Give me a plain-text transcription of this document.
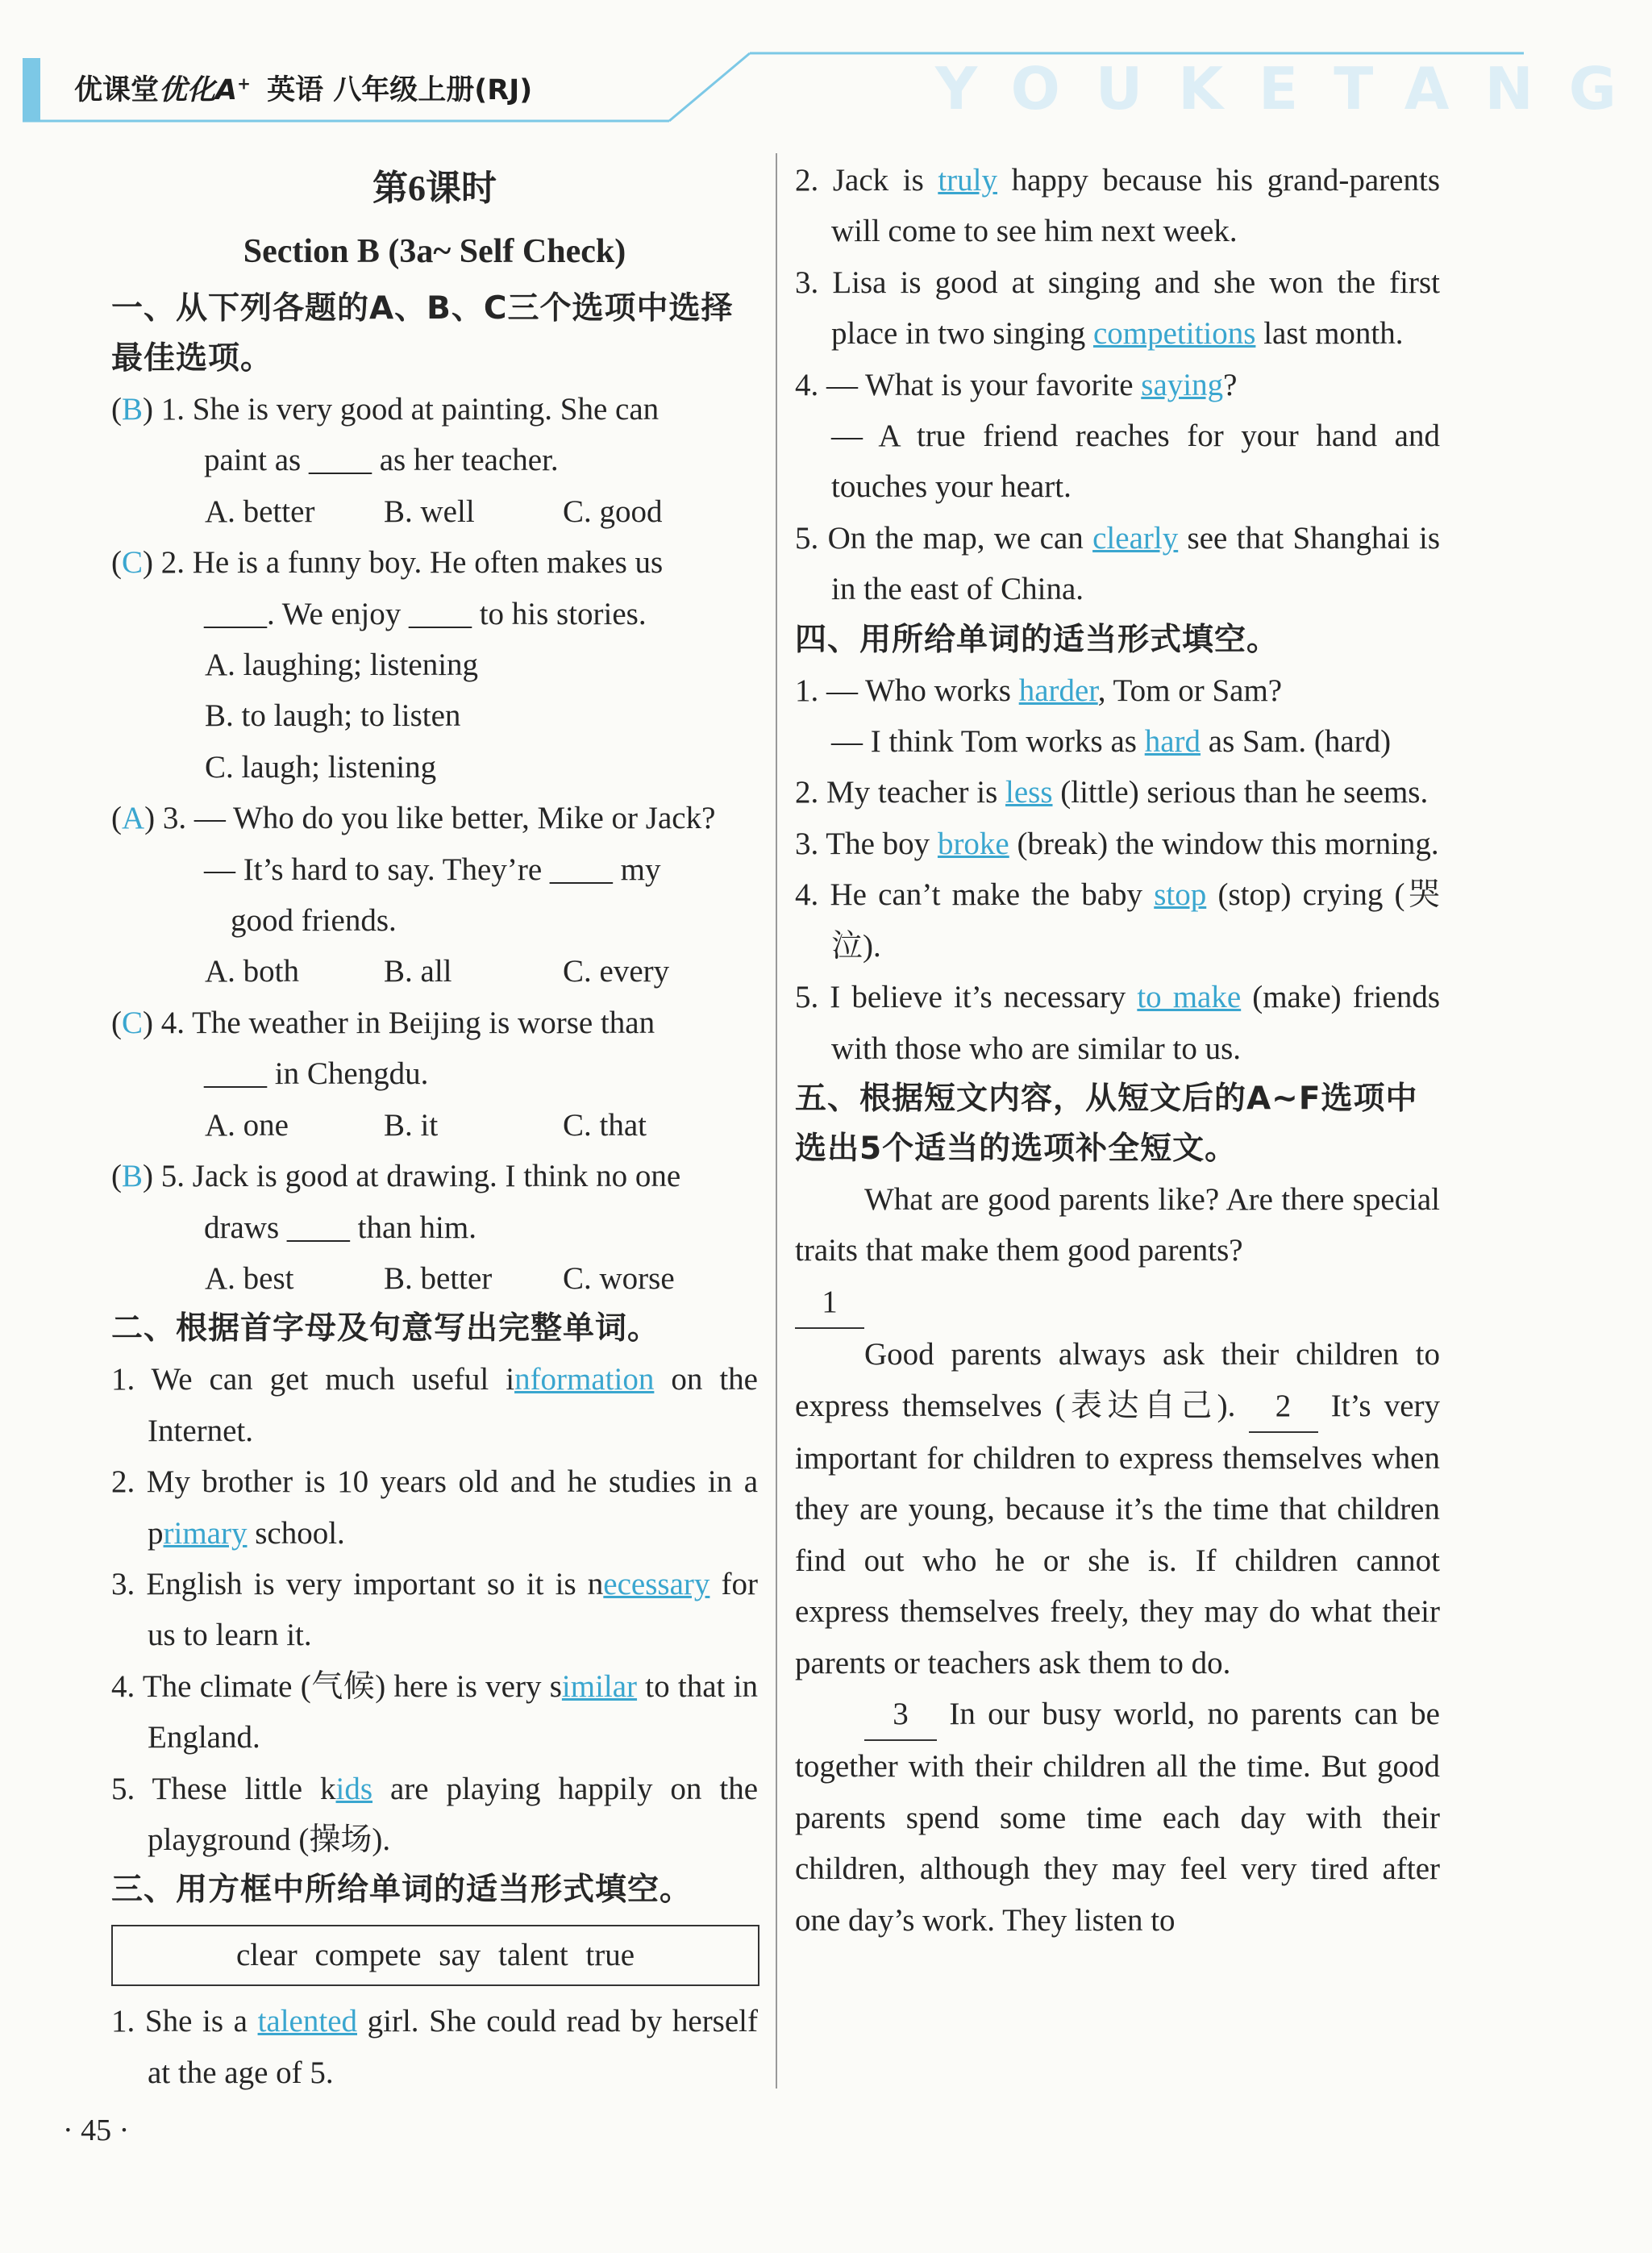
YOUKETANG
优课堂优化A+ 英语 八年级上册(RJ)
第6课时
Section B (3a~ Self Check)
一、从下列各题的A、B、C三个选项中选择最佳选项。
(B) 1. She is very good at painting. She can
paint as ____ as her teacher.
A. better	B. well	C. good
(C) 2. He is a funny boy. He often makes us
____. We enjoy ____ to his stories.
A. laughing; listening
B. to laugh; to listen
C. laugh; listening
(A) 3. — Who do you like better, Mike or Jack?
— It’s hard to say. They’re ____ my
good friends.
A. both	B. all	C. every
(C) 4. The weather in Beijing is worse than
____ in Chengdu.
A. one	B. it	C. that
(B) 5. Jack is good at drawing. I think no one
draws ____ than him.
A. best	B. better	C. worse
二、根据首字母及句意写出完整单词。
1. We can get much useful information on the Internet.
2. My brother is 10 years old and he studies in a primary school.
3. English is very important so it is necessary for us to learn it.
4. The climate (气候) here is very similar to that in England.
5. These little kids are playing happily on the playground (操场).
三、用方框中所给单词的适当形式填空。
clear compete say talent true
1. She is a talented girl. She could read by herself at the age of 5.
2. Jack is truly happy because his grand-parents will come to see him next week.
3. Lisa is good at singing and she won the first place in two singing competitions last month.
4. — What is your favorite saying?
— A true friend reaches for your hand and touches your heart.
5. On the map, we can clearly see that Shanghai is in the east of China.
四、用所给单词的适当形式填空。
1. — Who works harder, Tom or Sam?
— I think Tom works as hard as Sam. (hard)
2. My teacher is less (little) serious than he seems.
3. The boy broke (break) the window this morning.
4. He can’t make the baby stop (stop) crying (哭泣).
5. I believe it’s necessary to make (make) friends with those who are similar to us.
五、根据短文内容，从短文后的A~F选项中选出5个适当的选项补全短文。
What are good parents like? Are there special traits that make them good parents?
1
Good parents always ask their children to express themselves (表达自己). 2 It’s very important for children to express themselves when they are young, because it’s the time that children find out who he or she is. If children cannot express themselves freely, they may do what their parents or teachers ask them to do.
3 In our busy world, no parents can be together with their children all the time. But good parents spend some time each day with their children, although they may feel very tired after one day’s work. They listen to
· 45 ·
